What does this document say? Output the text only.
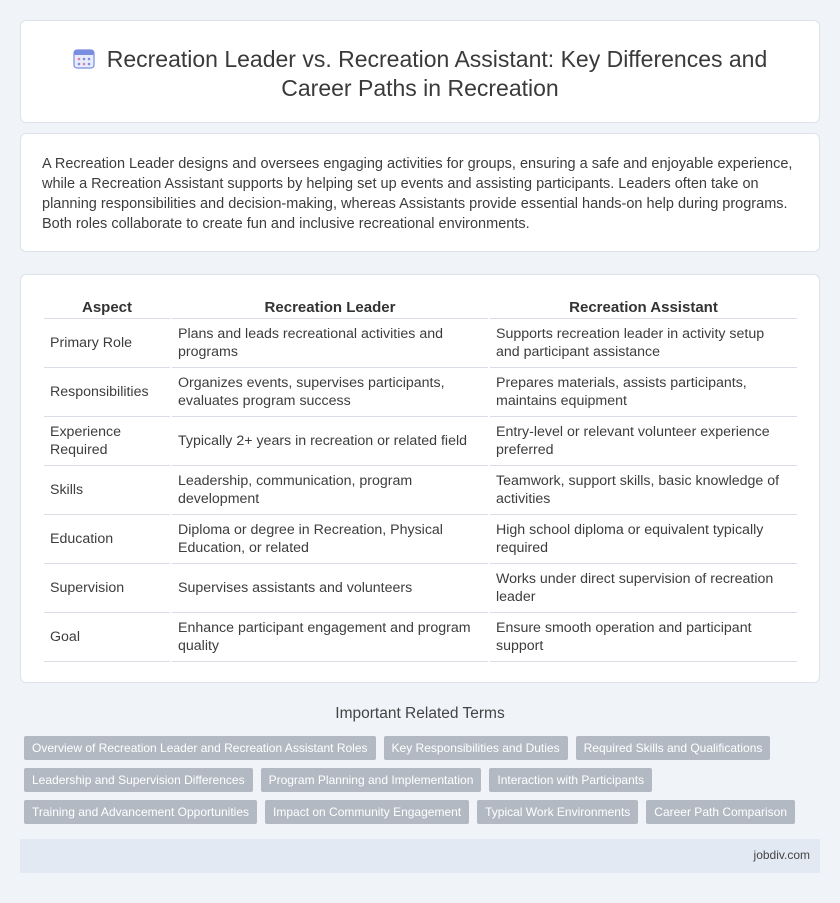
Recreation Leader vs. Recreation Assistant: Key Differences and Career Paths in Recreation

A Recreation Leader designs and oversees engaging activities for groups, ensuring a safe and enjoyable experience, while a Recreation Assistant supports by helping set up events and assisting participants. Leaders often take on planning responsibilities and decision-making, whereas Assistants provide essential hands-on help during programs. Both roles collaborate to create fun and inclusive recreational environments.

Aspect	Recreation Leader	Recreation Assistant
Primary Role	Plans and leads recreational activities and programs	Supports recreation leader in activity setup and participant assistance
Responsibilities	Organizes events, supervises participants, evaluates program success	Prepares materials, assists participants, maintains equipment
Experience Required	Typically 2+ years in recreation or related field	Entry-level or relevant volunteer experience preferred
Skills	Leadership, communication, program development	Teamwork, support skills, basic knowledge of activities
Education	Diploma or degree in Recreation, Physical Education, or related	High school diploma or equivalent typically required
Supervision	Supervises assistants and volunteers	Works under direct supervision of recreation leader
Goal	Enhance participant engagement and program quality	Ensure smooth operation and participant support
Important Related Terms
Overview of Recreation Leader and Recreation Assistant Roles	Key Responsibilities and Duties	Required Skills and Qualifications
Leadership and Supervision Differences	Program Planning and Implementation	Interaction with Participants
Training and Advancement Opportunities	Impact on Community Engagement	Typical Work Environments	Career Path Comparison
jobdiv.com
